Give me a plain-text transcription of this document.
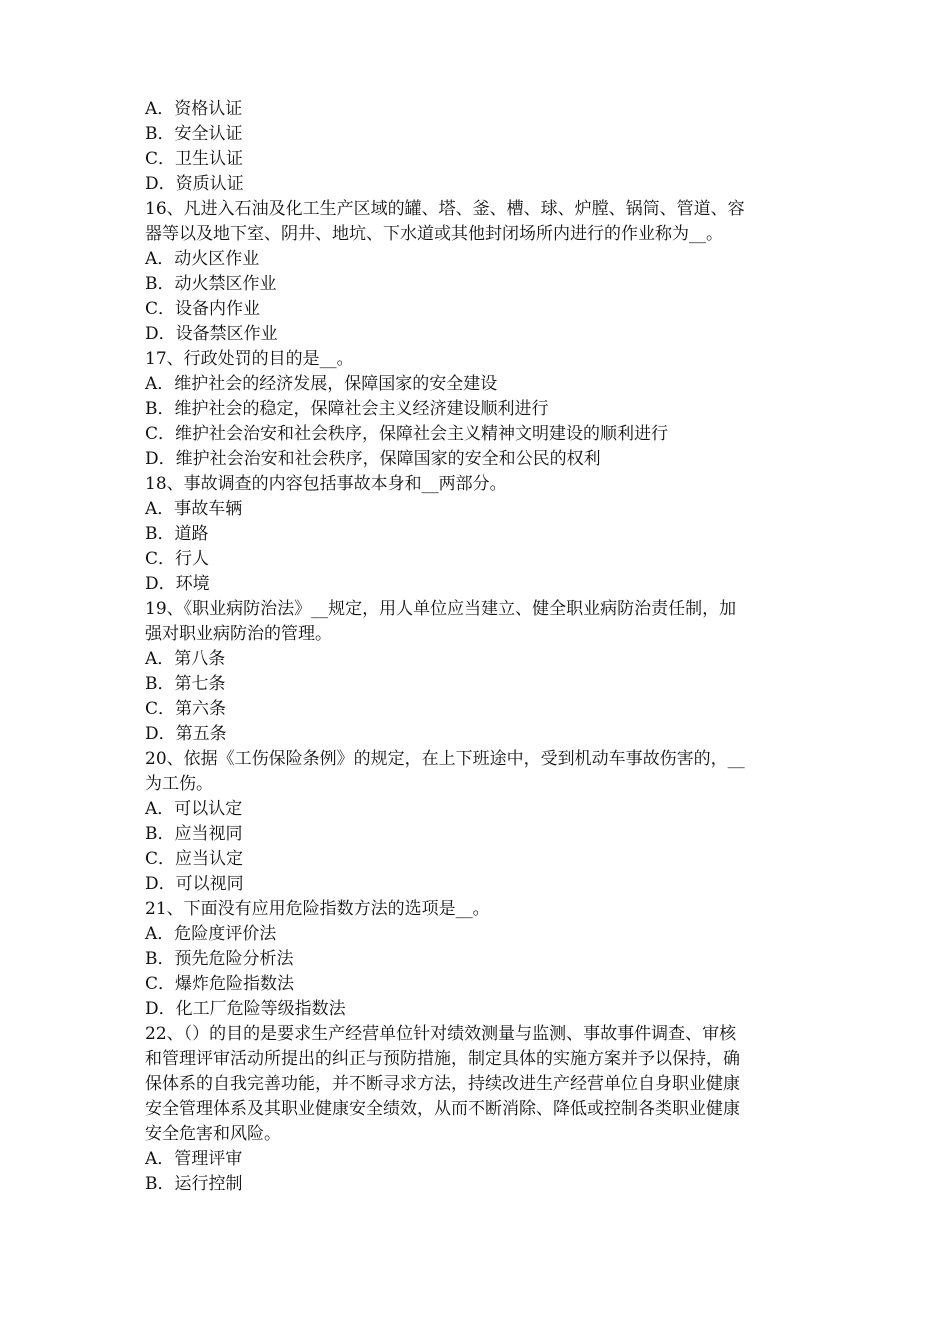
A．资格认证
B．安全认证
C．卫生认证
D．资质认证
16、凡进入石油及化工生产区域的罐、塔、釜、槽、球、炉膛、锅筒、管道、容
器等以及地下室、阴井、地坑、下水道或其他封闭场所内进行的作业称为__。
A．动火区作业
B．动火禁区作业
C．设备内作业
D．设备禁区作业
17、行政处罚的目的是__。
A．维护社会的经济发展，保障国家的安全建设
B．维护社会的稳定，保障社会主义经济建设顺利进行
C．维护社会治安和社会秩序，保障社会主义精神文明建设的顺利进行
D．维护社会治安和社会秩序，保障国家的安全和公民的权利
18、事故调查的内容包括事故本身和__两部分。
A．事故车辆
B．道路
C．行人
D．环境
19、《职业病防治法》__规定，用人单位应当建立、健全职业病防治责任制，加
强对职业病防治的管理。
A．第八条
B．第七条
C．第六条
D．第五条
20、依据《工伤保险条例》的规定，在上下班途中，受到机动车事故伤害的，__
为工伤。
A．可以认定
B．应当视同
C．应当认定
D．可以视同
21、下面没有应用危险指数方法的选项是__。
A．危险度评价法
B．预先危险分析法
C．爆炸危险指数法
D．化工厂危险等级指数法
22、（）的目的是要求生产经营单位针对绩效测量与监测、事故事件调查、审核
和管理评审活动所提出的纠正与预防措施，制定具体的实施方案并予以保持，确
保体系的自我完善功能，并不断寻求方法，持续改进生产经营单位自身职业健康
安全管理体系及其职业健康安全绩效，从而不断消除、降低或控制各类职业健康
安全危害和风险。
A．管理评审
B．运行控制
